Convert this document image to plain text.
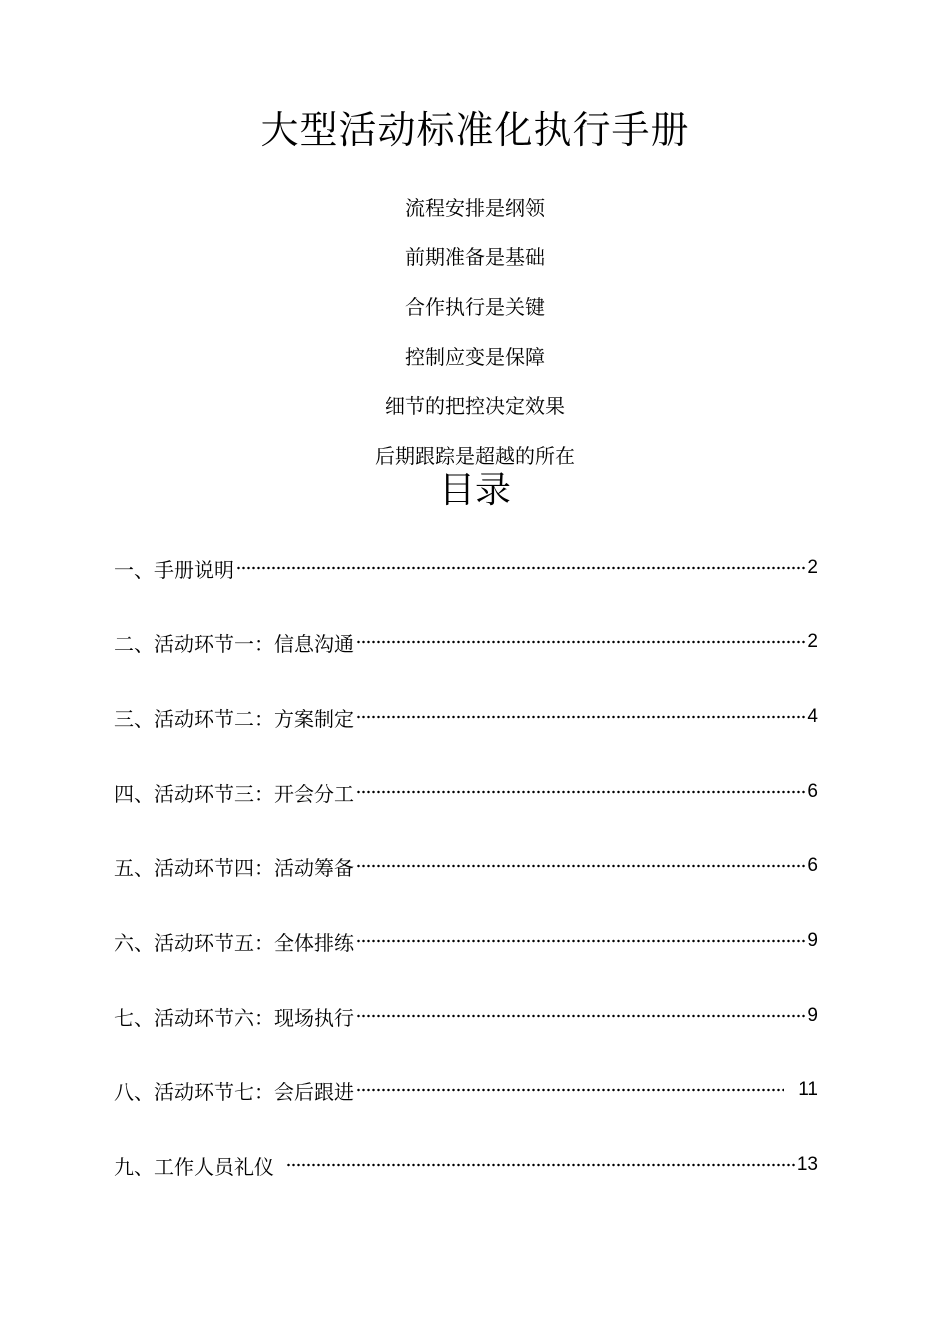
大型活动标准化执行手册
流程安排是纲领
前期准备是基础
合作执行是关键
控制应变是保障
细节的把控决定效果
后期跟踪是超越的所在
目录
一、手册说明	2
二、活动环节一：信息沟通	2
三、活动环节二：方案制定	4
四、活动环节三：开会分工	6
五、活动环节四：活动筹备	6
六、活动环节五：全体排练	9
七、活动环节六：现场执行	9
八、活动环节七：会后跟进	11
九、工作人员礼仪	13
